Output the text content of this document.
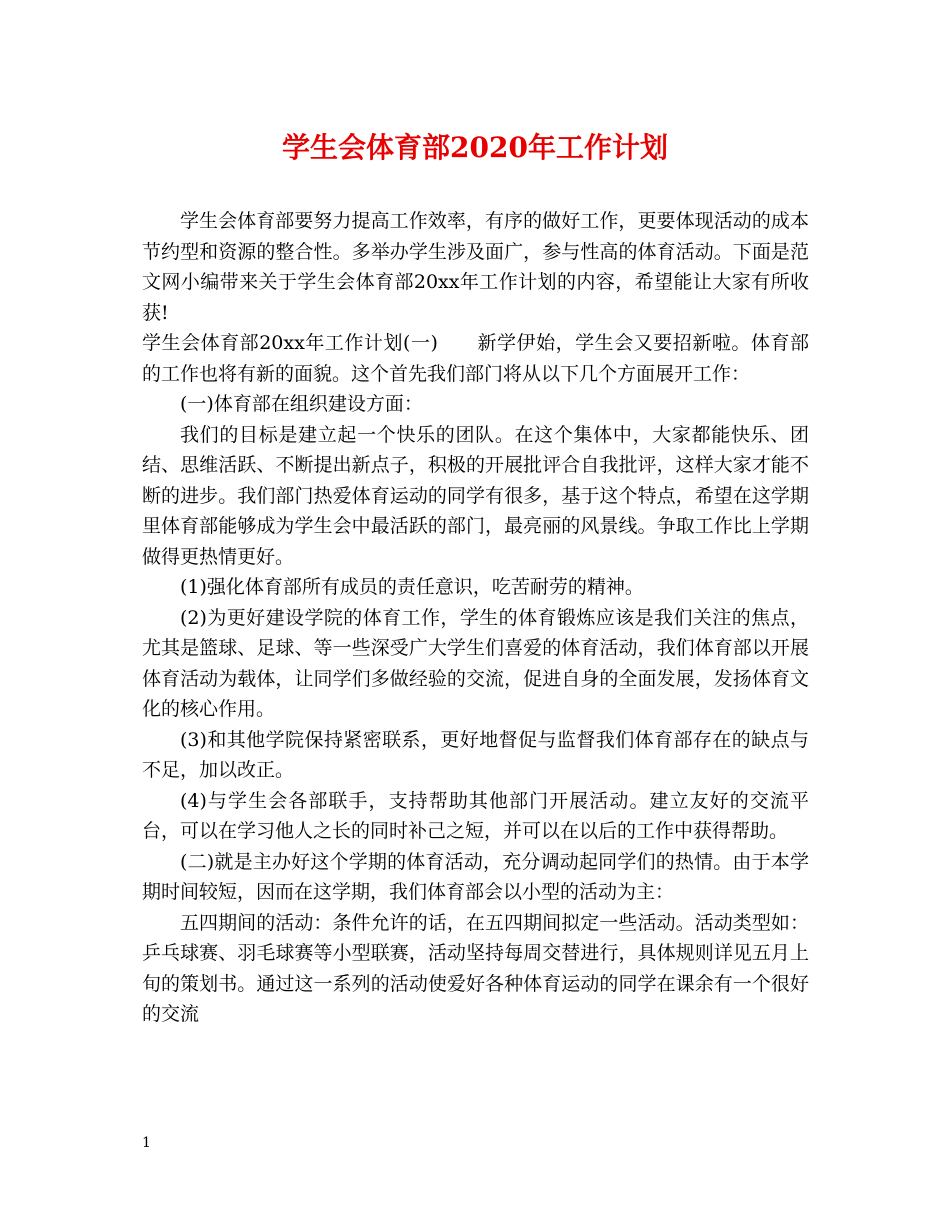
学生会体育部2020年工作计划

学生会体育部要努力提高工作效率，有序的做好工作，更要体现活动的成本节约型和资源的整合性。多举办学生涉及面广，参与性高的体育活动。下面是范文网小编带来关于学生会体育部20xx年工作计划的内容，希望能让大家有所收获!

学生会体育部20xx年工作计划(一)　　新学伊始，学生会又要招新啦。体育部的工作也将有新的面貌。这个首先我们部门将从以下几个方面展开工作：

(一)体育部在组织建设方面：

我们的目标是建立起一个快乐的团队。在这个集体中，大家都能快乐、团结、思维活跃、不断提出新点子，积极的开展批评合自我批评，这样大家才能不断的进步。我们部门热爱体育运动的同学有很多，基于这个特点，希望在这学期里体育部能够成为学生会中最活跃的部门，最亮丽的风景线。争取工作比上学期做得更热情更好。

(1)强化体育部所有成员的责任意识，吃苦耐劳的精神。

(2)为更好建设学院的体育工作，学生的体育锻炼应该是我们关注的焦点，尤其是篮球、足球、等一些深受广大学生们喜爱的体育活动，我们体育部以开展体育活动为载体，让同学们多做经验的交流，促进自身的全面发展，发扬体育文化的核心作用。

(3)和其他学院保持紧密联系，更好地督促与监督我们体育部存在的缺点与不足，加以改正。

(4)与学生会各部联手，支持帮助其他部门开展活动。建立友好的交流平台，可以在学习他人之长的同时补己之短，并可以在以后的工作中获得帮助。

(二)就是主办好这个学期的体育活动，充分调动起同学们的热情。由于本学期时间较短，因而在这学期，我们体育部会以小型的活动为主：

五四期间的活动：条件允许的话，在五四期间拟定一些活动。活动类型如：乒乓球赛、羽毛球赛等小型联赛，活动坚持每周交替进行，具体规则详见五月上旬的策划书。通过这一系列的活动使爱好各种体育运动的同学在课余有一个很好的交流

1
